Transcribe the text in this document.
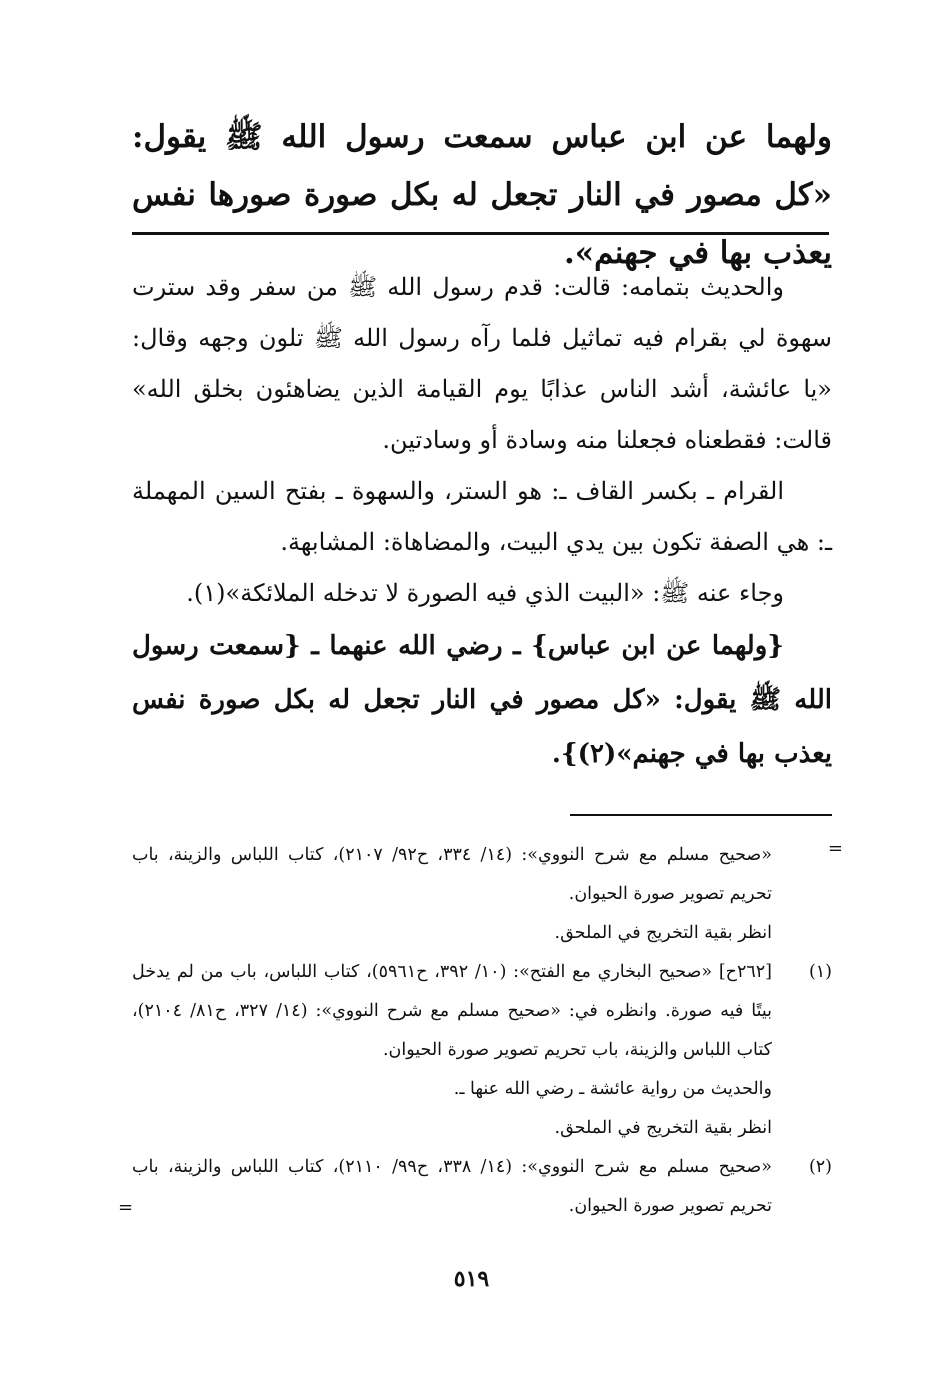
ولهما عن ابن عباس سمعت رسول الله ﷺ يقول: «كل مصور في النار تجعل له بكل صورة صورها نفس يعذب بها في جهنم».

والحديث بتمامه: قالت: قدم رسول الله ﷺ من سفر وقد سترت سهوة لي بقرام فيه تماثيل فلما رآه رسول الله ﷺ تلون وجهه وقال: «يا عائشة، أشد الناس عذابًا يوم القيامة الذين يضاهئون بخلق الله» قالت: فقطعناه فجعلنا منه وسادة أو وسادتين.

القرام ـ بكسر القاف ـ: هو الستر، والسهوة ـ بفتح السين المهملة ـ: هي الصفة تكون بين يدي البيت، والمضاهاة: المشابهة.

وجاء عنه ﷺ: «البيت الذي فيه الصورة لا تدخله الملائكة»(١).

{ولهما عن ابن عباس} ـ رضي الله عنهما ـ {سمعت رسول الله ﷺ يقول: «كل مصور في النار تجعل له بكل صورة نفس يعذب بها في جهنم»(٢)}.

=

«صحيح مسلم مع شرح النووي»: (١٤/ ٣٣٤، ح٩٢/ ٢١٠٧)، كتاب اللباس والزينة، باب تحريم تصوير صورة الحيوان.

انظر بقية التخريج في الملحق.

(١)

[٢٦٢ح] «صحيح البخاري مع الفتح»: (١٠/ ٣٩٢، ح٥٩٦١)، كتاب اللباس، باب من لم يدخل بيتًا فيه صورة. وانظره في: «صحيح مسلم مع شرح النووي»: (١٤/ ٣٢٧، ح٨١/ ٢١٠٤)، كتاب اللباس والزينة، باب تحريم تصوير صورة الحيوان.

والحديث من رواية عائشة ـ رضي الله عنها ـ.

انظر بقية التخريج في الملحق.

(٢)

«صحيح مسلم مع شرح النووي»: (١٤/ ٣٣٨، ح٩٩/ ٢١١٠)، كتاب اللباس والزينة، باب تحريم تصوير صورة الحيوان.

=
٥١٩
